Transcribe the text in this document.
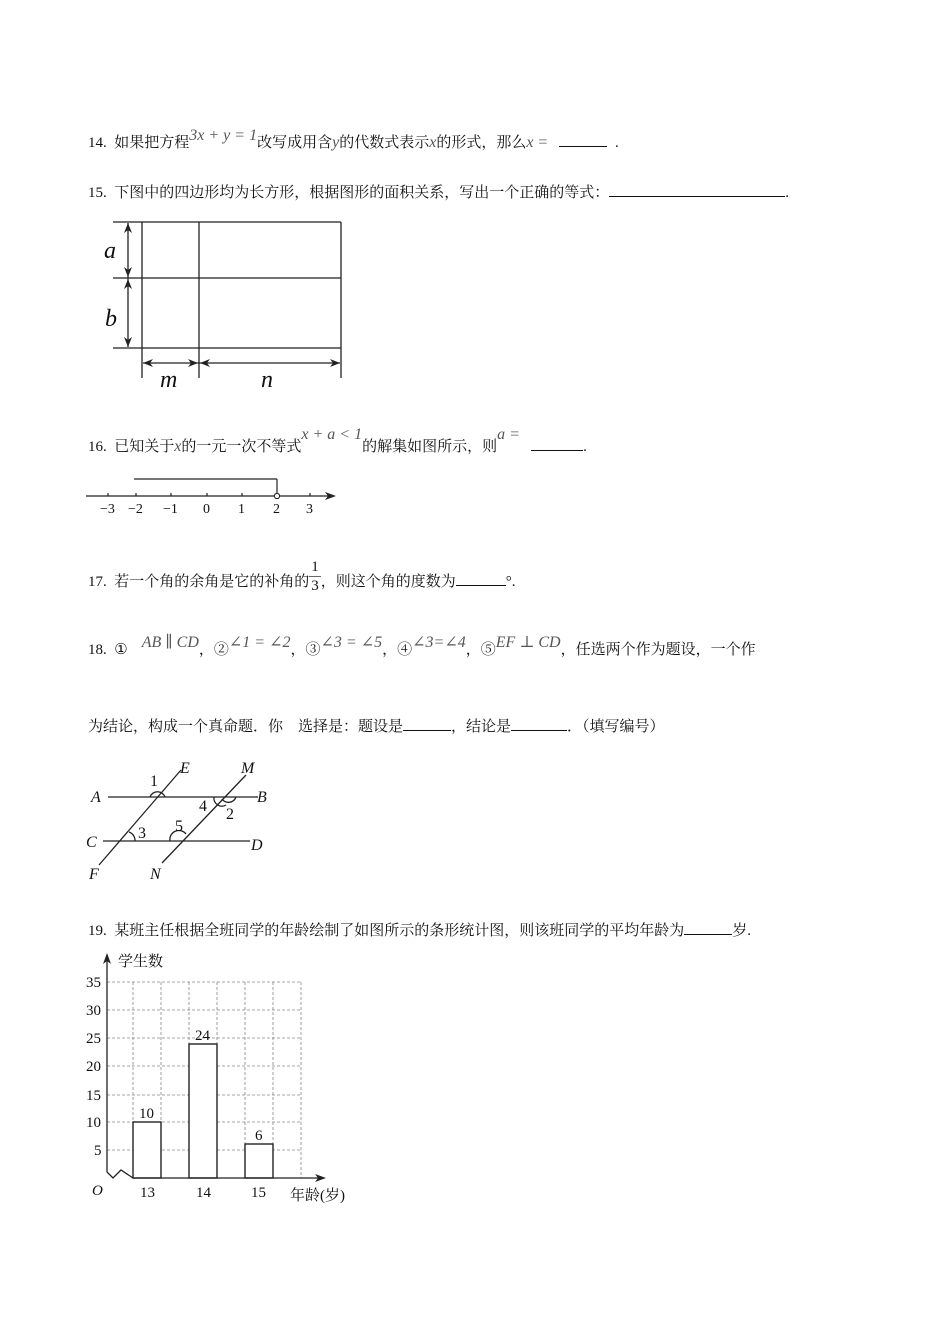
14. 如果把方程3x + y = 1改写成用含y的代数式表示x的形式，那么x =	.
15. 下图中的四边形均为长方形，根据图形的面积关系，写出一个正确的等式：	.
a
b
m	n
16. 已知关于x的一元一次不等式x + a < 1的解集如图所示，则a =   .
−3 −2 −1 0 1 2 3
17. 若一个角的余角是它的补角的 $\frac{1}{3}$ ，则这个角的度数为	°.
18. ① AB ∥ CD，②∠1 = ∠2，③∠3 = ∠5，④∠3=∠4，⑤EF ⊥ CD，任选两个作为题设，一个作
为结论，构成一个真命题．你　选择是：题设是	，结论是	．（填写编号）
A	B
C	D
E
F
M
N
1
2
3
4
5
19. 某班主任根据全班同学的年龄绘制了如图所示的条形统计图，则该班同学的平均年龄为	岁.
学生数
35
30
25
20
15
10
5
O
10
24
6
13	14	15 年龄(岁)
